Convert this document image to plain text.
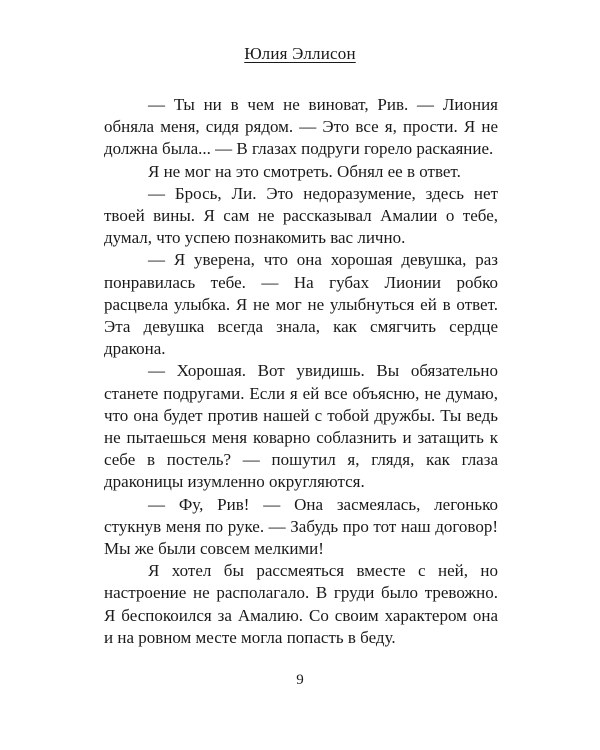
Юлия Эллисон

— Ты ни в чем не виноват, Рив. — Лиония обняла меня, сидя рядом. — Это все я, прости. Я не должна была... — В глазах подруги горело раскаяние.

Я не мог на это смотреть. Обнял ее в ответ.

— Брось, Ли. Это недоразумение, здесь нет твоей вины. Я сам не рассказывал Амалии о тебе, думал, что успею познакомить вас лично.

— Я уверена, что она хорошая девушка, раз понравилась тебе. — На губах Лионии робко расцвела улыбка. Я не мог не улыбнуться ей в ответ. Эта девушка всегда знала, как смягчить сердце дракона.

— Хорошая. Вот увидишь. Вы обязательно станете подругами. Если я ей все объясню, не думаю, что она будет против нашей с тобой дружбы. Ты ведь не пытаешься меня коварно соблазнить и затащить к себе в постель? — пошутил я, глядя, как глаза драконицы изумленно округляются.

— Фу, Рив! — Она засмеялась, легонько стукнув меня по руке. — Забудь про тот наш договор! Мы же были совсем мелкими!

Я хотел бы рассмеяться вместе с ней, но настроение не располагало. В груди было тревожно. Я беспокоился за Амалию. Со своим характером она и на ровном месте могла попасть в беду.

9
